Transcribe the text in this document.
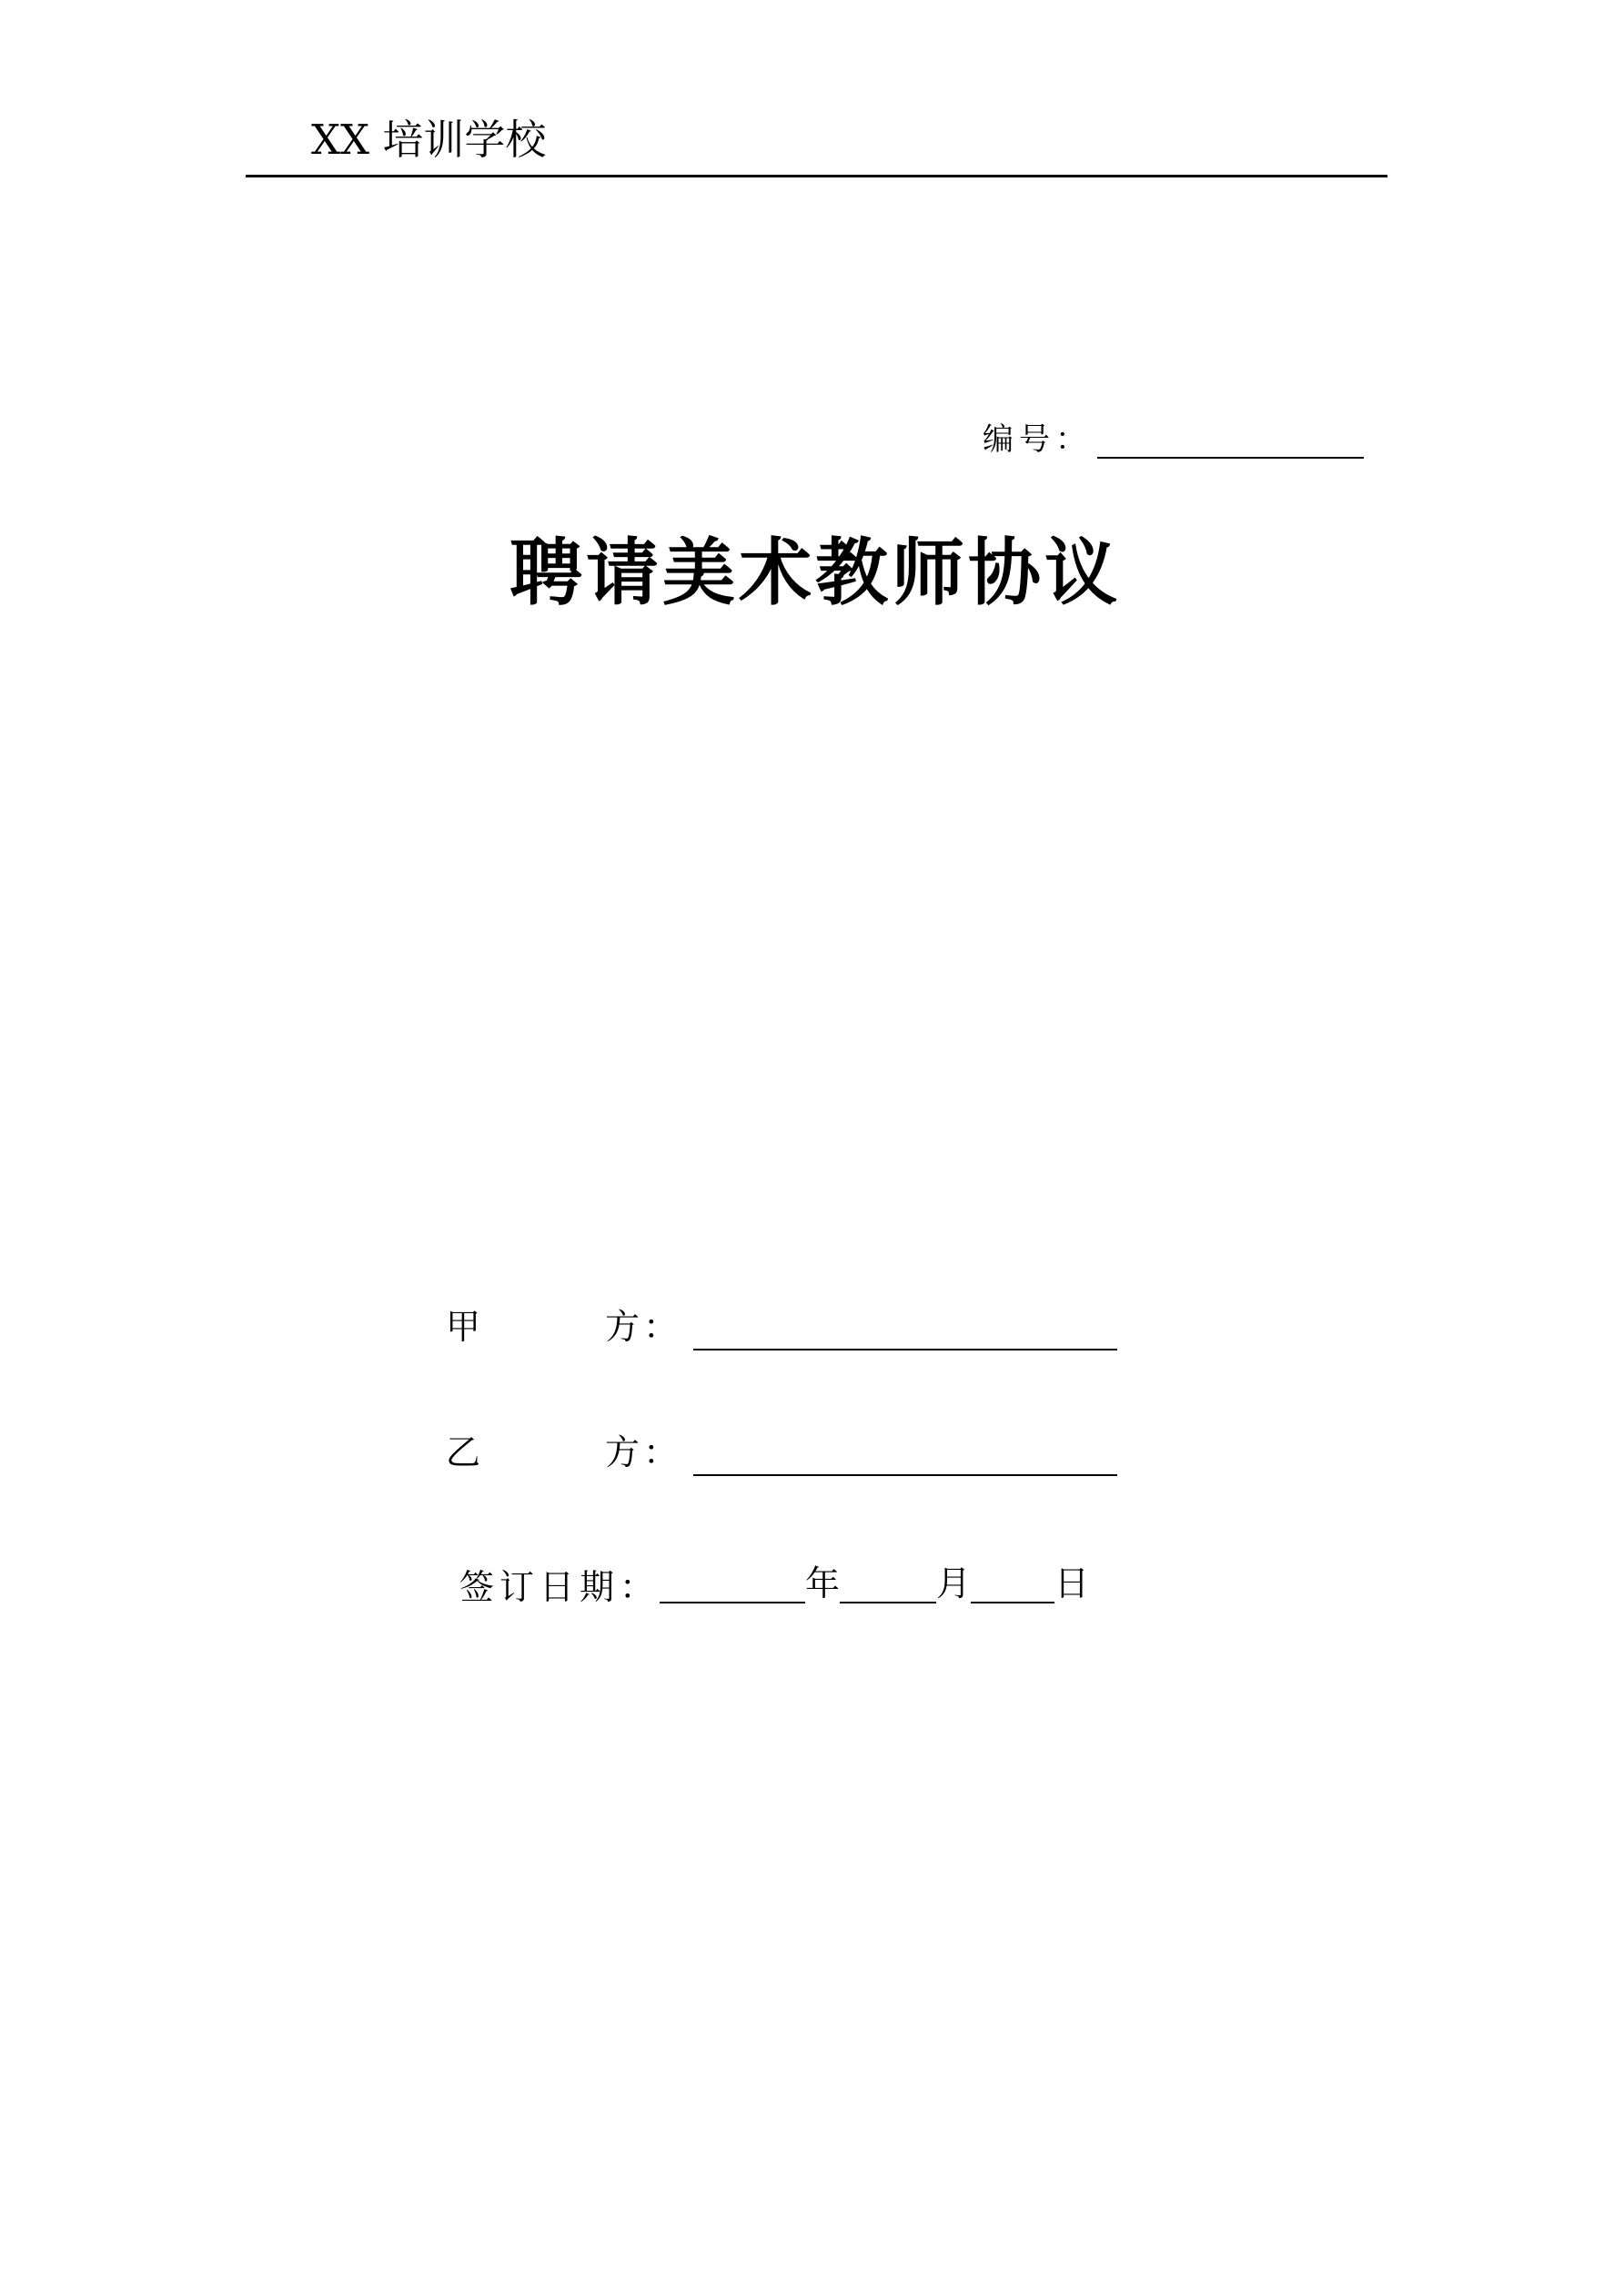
XX 培训学校
编号：
聘请美术教师协议
甲	方 ：
乙	方 ：
签订日期：	年	月 日
